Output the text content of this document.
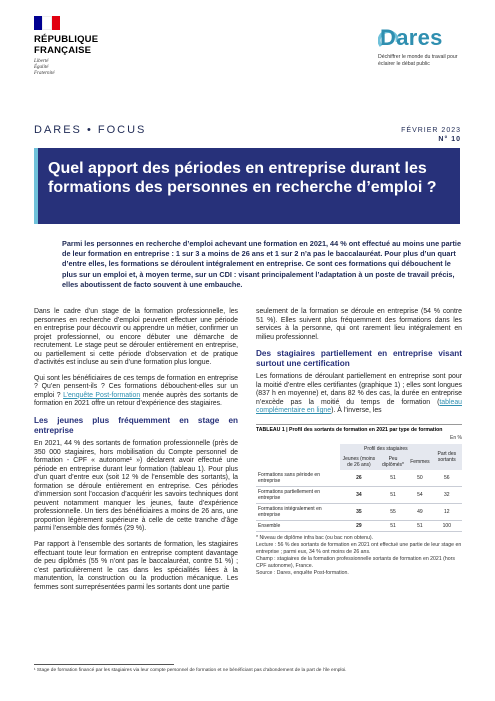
RÉPUBLIQUE FRANÇAISE
Liberté
Égalité
Fraternité
Dares
Déchiffrer le monde du travail pour éclairer le débat public
DARES • FOCUS	FÉVRIER 2023
N° 10
Quel apport des périodes en entreprise durant les formations des personnes en recherche d’emploi ?
Parmi les personnes en recherche d’emploi achevant une formation en 2021, 44 % ont effectué au moins une partie de leur formation en entreprise : 1 sur 3 a moins de 26 ans et 1 sur 2 n’a pas le baccalauréat. Pour plus d’un quart d’entre elles, les formations se déroulent intégralement en entreprise. Ce sont ces formations qui débouchent le plus sur un emploi et, à moyen terme, sur un CDI : visant principalement l’adaptation à un poste de travail précis, elles aboutissent de facto souvent à une embauche.

Dans le cadre d’un stage de la formation professionnelle, les personnes en recherche d’emploi peuvent effectuer une période en entreprise pour découvrir ou apprendre un métier, confirmer un projet professionnel, ou encore débuter une démarche de recrutement. Le stage peut se dérouler entièrement en entreprise, ou partiellement si cette période d’observation et de pratique d’activités est incluse au sein d’une formation plus longue.

Qui sont les bénéficiaires de ces temps de formation en entreprise ? Qu’en pensent-ils ? Ces formations débouchent-elles sur un emploi ? L’enquête Post-formation menée auprès des sortants de formation en 2021 offre un retour d’expérience des stagiaires.

Les jeunes plus fréquemment en stage en entreprise

En 2021, 44 % des sortants de formation professionnelle (près de 350 000 stagiaires, hors mobilisation du Compte personnel de formation - CPF « autonome¹ ») déclarent avoir effectué une période en entreprise durant leur formation (tableau 1). Pour plus d’un quart d’entre eux (soit 12 % de l’ensemble des sortants), la formation se déroule entièrement en entreprise. Ces périodes d’immersion sont l’occasion d’acquérir les savoirs techniques dont peuvent notamment manquer les jeunes, faute d’expérience professionnelle. Un tiers des bénéficiaires a moins de 26 ans, une proportion légèrement supérieure à celle de cette tranche d’âge parmi l’ensemble des formés (29 %).

Par rapport à l’ensemble des sortants de formation, les stagiaires effectuant toute leur formation en entreprise comptent davantage de peu diplômés (55 % n’ont pas le baccalauréat, contre 51 %) ; c’est particulièrement le cas dans les spécialités liées à la manutention, la construction ou la production mécanique. Les femmes sont surreprésentées parmi les sortants dont une partie

seulement de la formation se déroule en entreprise (54 % contre 51 %). Elles suivent plus fréquemment des formations dans les services à la personne, qui ont rarement lieu intégralement en milieu professionnel.

Des stagiaires partiellement en entreprise visant surtout une certification

Les formations de déroulant partiellement en entreprise sont pour la moitié d’entre elles certifiantes (graphique 1) ; elles sont longues (837 h en moyenne) et, dans 82 % des cas, la durée en entreprise n’excède pas la moitié du temps de formation (tableau complémentaire en ligne). À l’inverse, les

TABLEAU 1 | Profil des sortants de formation en 2021 par type de formation
En %
	Profil des stagiaires			Part des sortants
	Jeunes (moins de 26 ans)	Peu diplômés*	Femmes	
Formations sans période en entreprise	26	51	50	56
Formations partiellement en entreprise	34	51	54	32
Formations intégralement en entreprise	35	55	49	12
Ensemble	29	51	51	100
* Niveau de diplôme infra bac (ou bac non obtenu).
Lecture : 56 % des sortants de formation en 2021 ont effectué une partie de leur stage en entreprise ; parmi eux, 34 % ont moins de 26 ans.
Champ : stagiaires de la formation professionnelle sortants de formation en 2021 (hors CPF autonome), France.
Source : Dares, enquête Post-formation.
¹ Stage de formation financé par les stagiaires via leur compte personnel de formation et ne bénéficiant pas d’abondement de la part de l’ile emploi.
